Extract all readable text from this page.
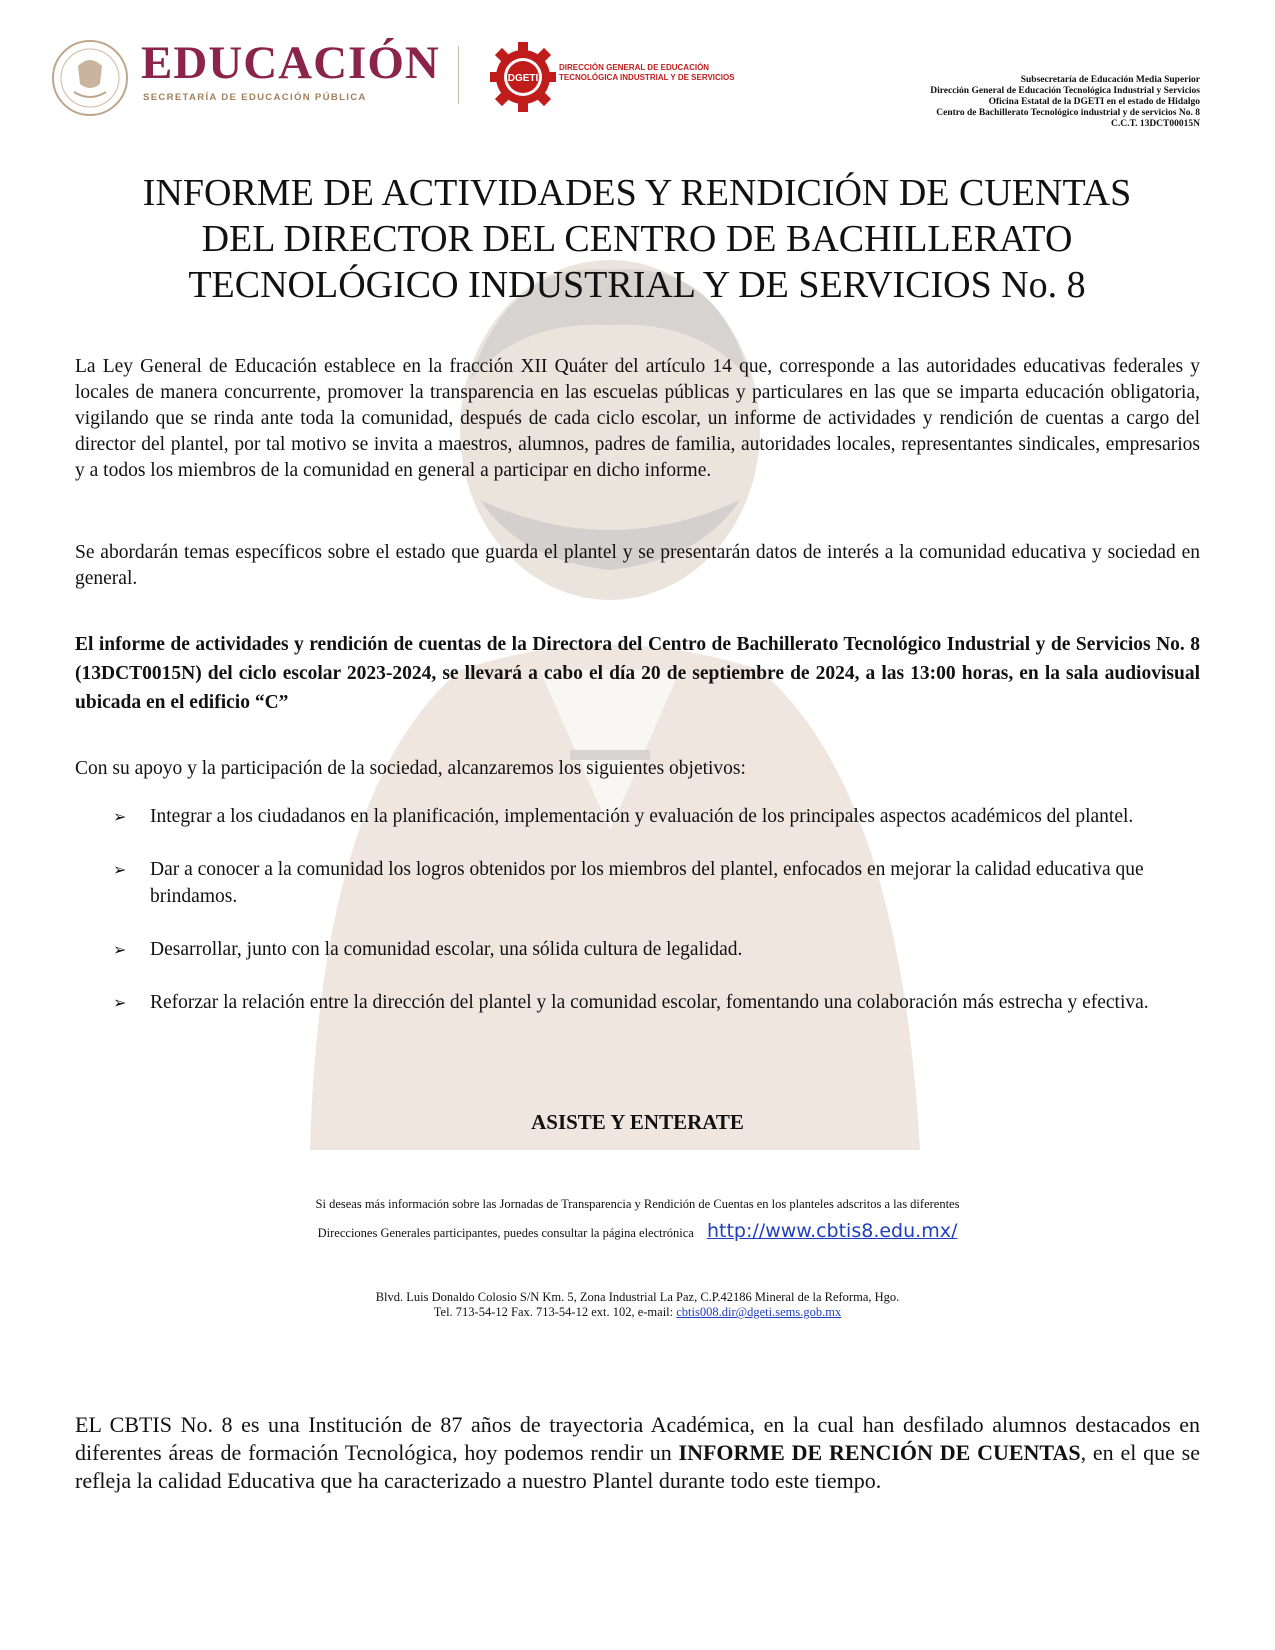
EDUCACIÓN
SECRETARÍA DE EDUCACIÓN PÚBLICA
DGETI
DIRECCIÓN GENERAL DE EDUCACIÓN
TECNOLÓGICA INDUSTRIAL Y DE SERVICIOS	Subsecretaría de Educación Media Superior
Dirección General de Educación Tecnológica Industrial y Servicios
Oficina Estatal de la DGETI en el estado de Hidalgo
Centro de Bachillerato Tecnológico industrial y de servicios No. 8
C.C.T. 13DCT00015N
INFORME DE ACTIVIDADES Y RENDICIÓN DE CUENTAS
DEL DIRECTOR DEL CENTRO DE BACHILLERATO
TECNOLÓGICO INDUSTRIAL Y DE SERVICIOS No. 8

La Ley General de Educación establece en la fracción XII Quáter del artículo 14 que, corresponde a las autoridades educativas federales y locales de manera concurrente, promover la transparencia en las escuelas públicas y particulares en las que se imparta educación obligatoria, vigilando que se rinda ante toda la comunidad, después de cada ciclo escolar, un informe de actividades y rendición de cuentas a cargo del director del plantel, por tal motivo se invita a maestros, alumnos, padres de familia, autoridades locales, representantes sindicales, empresarios y a todos los miembros de la comunidad en general a participar en dicho informe.

Se abordarán temas específicos sobre el estado que guarda el plantel y se presentarán datos de interés a la comunidad educativa y sociedad en general.

El informe de actividades y rendición de cuentas de la Directora del Centro de Bachillerato Tecnológico Industrial y de Servicios No. 8 (13DCT0015N) del ciclo escolar 2023-2024, se llevará a cabo el día 20 de septiembre de 2024, a las 13:00 horas, en la sala audiovisual ubicada en el edificio “C”

Con su apoyo y la participación de la sociedad, alcanzaremos los siguientes objetivos:

➢ Integrar a los ciudadanos en la planificación, implementación y evaluación de los principales aspectos académicos del plantel.
➢ Dar a conocer a la comunidad los logros obtenidos por los miembros del plantel, enfocados en mejorar la calidad educativa que brindamos.
➢ Desarrollar, junto con la comunidad escolar, una sólida cultura de legalidad.
➢ Reforzar la relación entre la dirección del plantel y la comunidad escolar, fomentando una colaboración más estrecha y efectiva.
ASISTE Y ENTERATE
Si deseas más información sobre las Jornadas de Transparencia y Rendición de Cuentas en los planteles adscritos a las diferentes
Direcciones Generales participantes, puedes consultar la página electrónica http://www.cbtis8.edu.mx/
Blvd. Luis Donaldo Colosio S/N Km. 5, Zona Industrial La Paz, C.P.42186 Mineral de la Reforma, Hgo.
Tel. 713-54-12 Fax. 713-54-12 ext. 102, e-mail: cbtis008.dir@dgeti.sems.gob.mx

EL CBTIS No. 8 es una Institución de 87 años de trayectoria Académica, en la cual han desfilado alumnos destacados en diferentes áreas de formación Tecnológica, hoy podemos rendir un INFORME DE RENCIÓN DE CUENTAS, en el que se refleja la calidad Educativa que ha caracterizado a nuestro Plantel durante todo este tiempo.
